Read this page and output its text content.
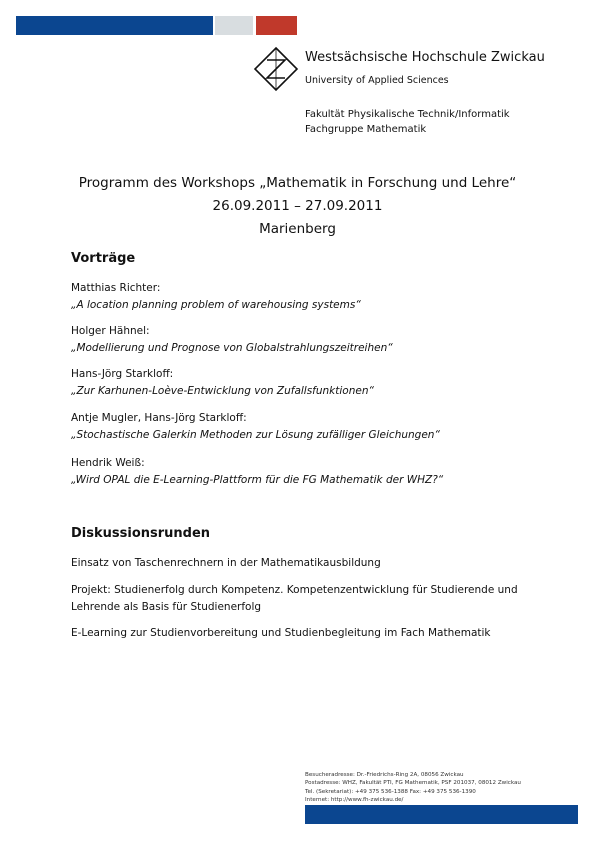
Westsächsische Hochschule Zwickau
University of Applied Sciences
Fakultät Physikalische Technik/Informatik
Fachgruppe Mathematik
Programm des Workshops „Mathematik in Forschung und Lehre“
26.09.2011 – 27.09.2011
Marienberg
Vorträge
Matthias Richter:
„A location planning problem of warehousing systems“
Holger Hähnel:
„Modellierung und Prognose von Globalstrahlungszeitreihen“
Hans-Jörg Starkloff:
„Zur Karhunen-Loève-Entwicklung von Zufallsfunktionen“
Antje Mugler, Hans-Jörg Starkloff:
„Stochastische Galerkin Methoden zur Lösung zufälliger Gleichungen“
Hendrik Weiß:
„Wird OPAL die E-Learning-Plattform für die FG Mathematik der WHZ?“
Diskussionsrunden
Einsatz von Taschenrechnern in der Mathematikausbildung
Projekt: Studienerfolg durch Kompetenz. Kompetenzentwicklung für Studierende und Lehrende als Basis für Studienerfolg
E-Learning zur Studienvorbereitung und Studienbegleitung im Fach Mathematik
Besucheradresse: Dr.-Friedrichs-Ring 2A, 08056 Zwickau
Postadresse: WHZ, Fakultät PTI, FG Mathematik, PSF 201037, 08012 Zwickau
Tel. (Sekretariat): +49 375 536-1388 Fax: +49 375 536-1390
Internet: http://www.fh-zwickau.de/
